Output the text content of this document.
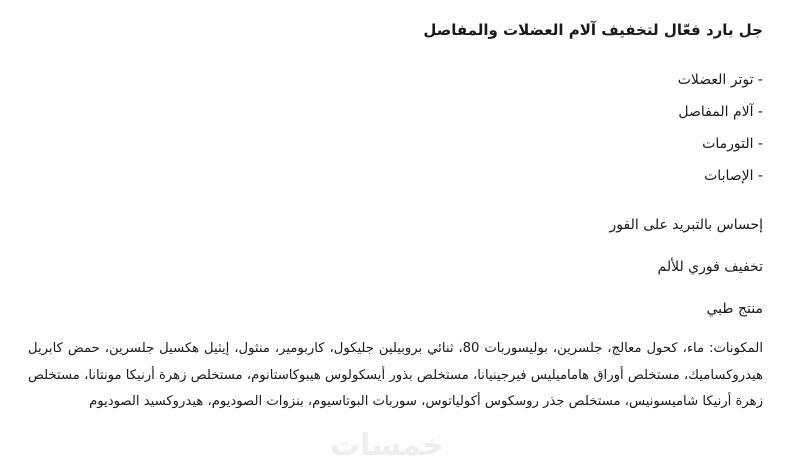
جل بارد فعّال لتخفيف آلام العضلات والمفاصل

- توتر العضلات
- آلام المفاصل
- التورمات
- الإصابات

إحساس بالتبريد على الفور

تخفيف فوري للألم

منتج طبي

المكونات: ماء، كحول معالج، جلسرين، بوليسوربات 80، ثنائي بروبيلين جليكول، كاربومير، منثول، إيثيل هكسيل جلسرين، حمض كابريل هيدروكساميك، مستخلص أوراق هاماميليس فيرجينيانا، مستخلص بذور أيسكولوس هيبوكاستانوم، مستخلص زهرة أرنيكا مونتانا، مستخلص زهرة أرنيكا شاميسونيس، مستخلص جذر روسكوس أكولياتوس، سوربات البوتاسيوم، بنزوات الصوديوم، هيدروكسيد الصوديوم

خمسات
